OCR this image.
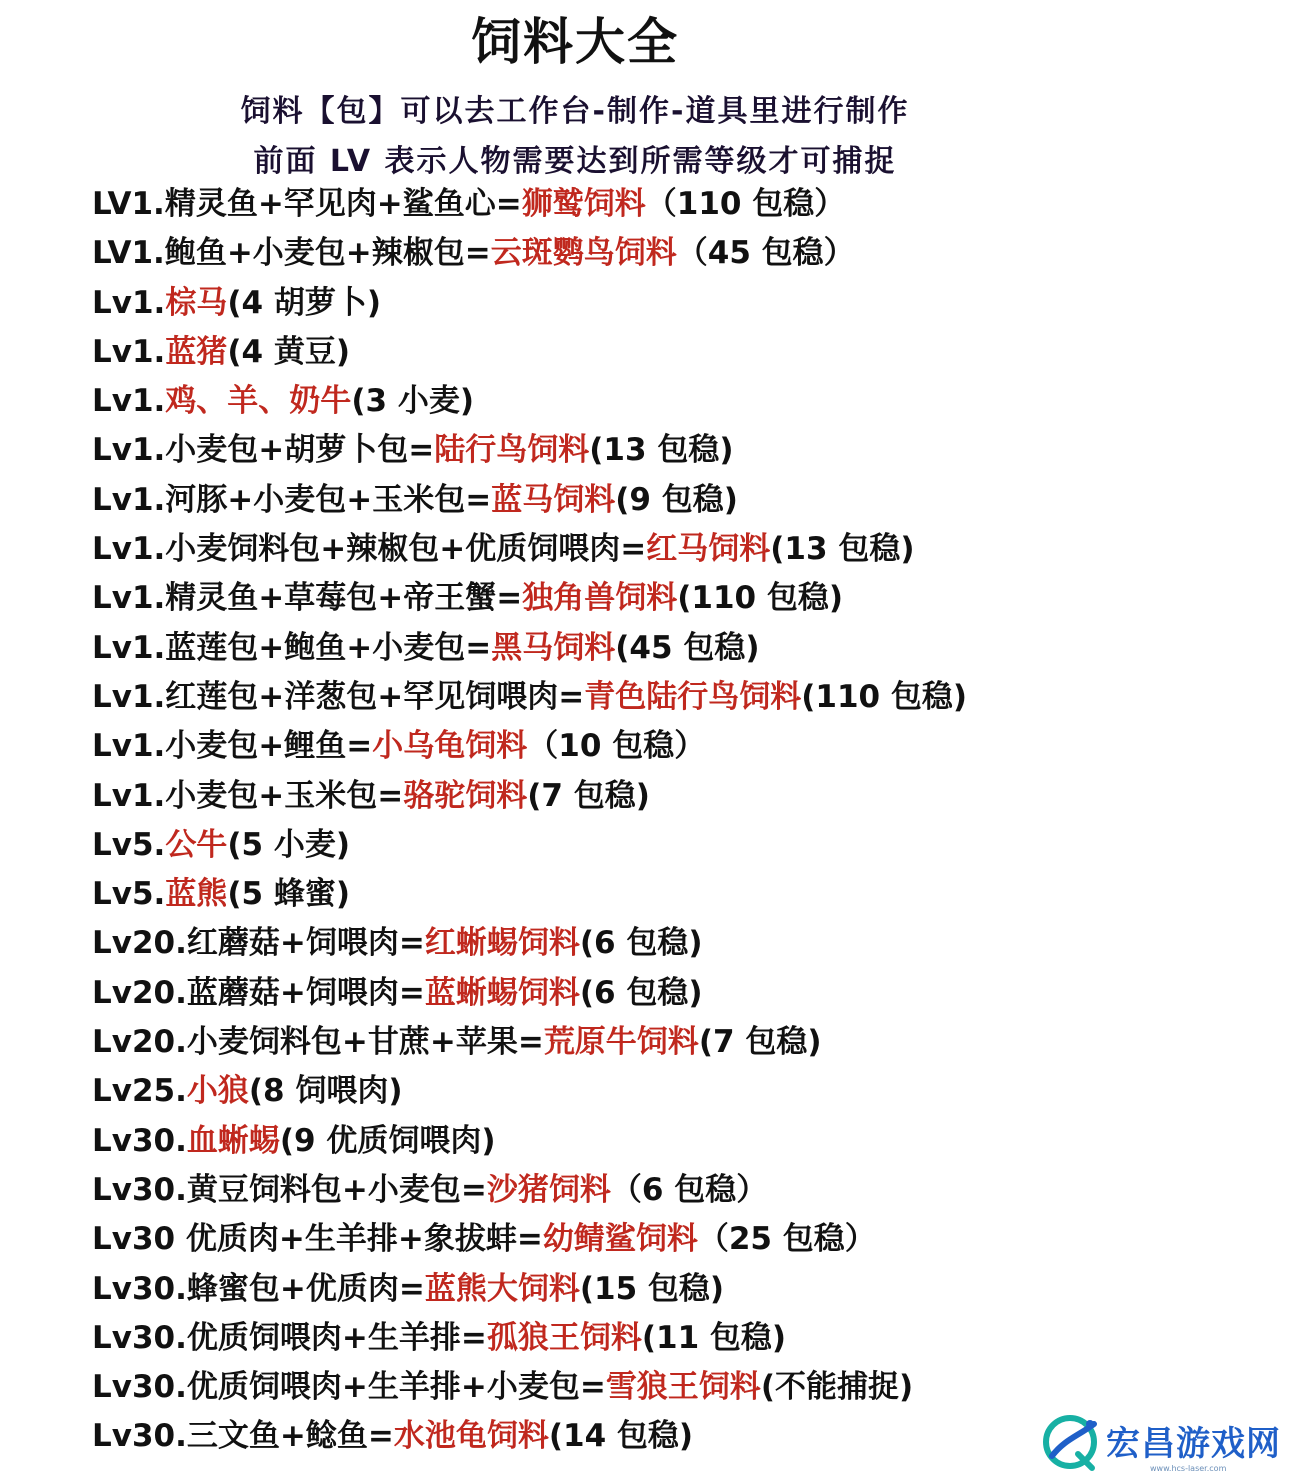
饲料大全
饲料【包】可以去工作台-制作-道具里进行制作
前面 LV 表示人物需要达到所需等级才可捕捉
LV1.精灵鱼+罕见肉+鲨鱼心=狮鹫饲料（110 包稳）
LV1.鲍鱼+小麦包+辣椒包=云斑鹦鸟饲料（45 包稳）
Lv1.棕马(4 胡萝卜)
Lv1.蓝猪(4 黄豆)
Lv1.鸡、羊、奶牛(3 小麦)
Lv1.小麦包+胡萝卜包=陆行鸟饲料(13 包稳)
Lv1.河豚+小麦包+玉米包=蓝马饲料(9 包稳)
Lv1.小麦饲料包+辣椒包+优质饲喂肉=红马饲料(13 包稳)
Lv1.精灵鱼+草莓包+帝王蟹=独角兽饲料(110 包稳)
Lv1.蓝莲包+鲍鱼+小麦包=黑马饲料(45 包稳)
Lv1.红莲包+洋葱包+罕见饲喂肉=青色陆行鸟饲料(110 包稳)
Lv1.小麦包+鲤鱼=小乌龟饲料（10 包稳）
Lv1.小麦包+玉米包=骆驼饲料(7 包稳)
Lv5.公牛(5 小麦)
Lv5.蓝熊(5 蜂蜜)
Lv20.红蘑菇+饲喂肉=红蜥蜴饲料(6 包稳)
Lv20.蓝蘑菇+饲喂肉=蓝蜥蜴饲料(6 包稳)
Lv20.小麦饲料包+甘蔗+苹果=荒原牛饲料(7 包稳)
Lv25.小狼(8 饲喂肉)
Lv30.血蜥蜴(9 优质饲喂肉)
Lv30.黄豆饲料包+小麦包=沙猪饲料（6 包稳）
Lv30 优质肉+生羊排+象拔蚌=幼鲭鲨饲料（25 包稳）
Lv30.蜂蜜包+优质肉=蓝熊大饲料(15 包稳)
Lv30.优质饲喂肉+生羊排=孤狼王饲料(11 包稳)
Lv30.优质饲喂肉+生羊排+小麦包=雪狼王饲料(不能捕捉)
Lv30.三文鱼+鲶鱼=水池龟饲料(14 包稳)	宏昌游戏网
www.hcs-laser.com
